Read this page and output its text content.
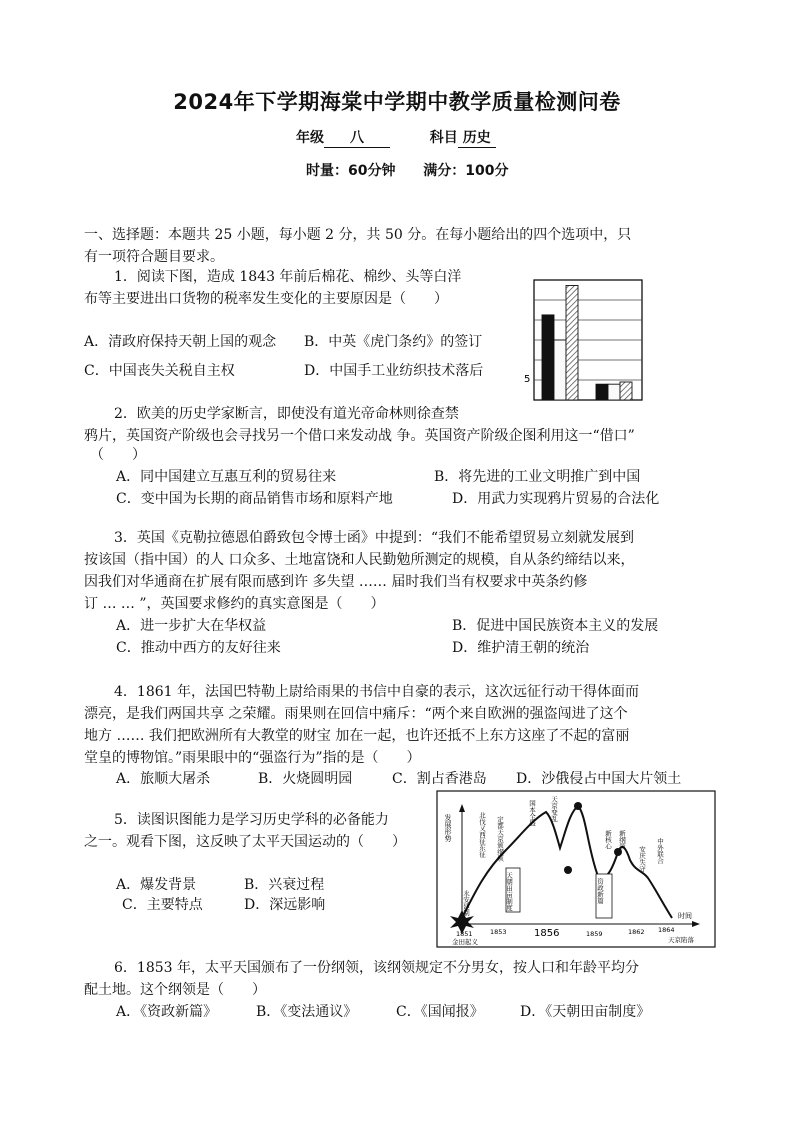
2024年下学期海棠中学期中教学质量检测问卷
年级 八	科目 历史
时量：60分钟 满分：100分
一、选择题：本题共 25 小题，每小题 2 分，共 50 分。在每小题给出的四个选项中，只
有一项符合题目要求。
1．阅读下图，造成 1843 年前后棉花、棉纱、头等白洋
布等主要进出口货物的税率发生变化的主要原因是（　　）
A．清政府保持天朝上国的观念 B．中英《虎门条约》的签订
C．中国丧失关税自主权	D．中国手工业纺织技术落后
5
2．欧美的历史学家断言，即使没有道光帝命林则徐查禁
鸦片，英国资产阶级也会寻找另一个借口来发动战 争。英国资产阶级企图利用这一“借口”
（　　）
A．同中国建立互惠互利的贸易往来	B．将先进的工业文明推广到中国
C．变中国为长期的商品销售市场和原料产地	D．用武力实现鸦片贸易的合法化
3．英国《克勒拉德恩伯爵致包令博士函》中提到：“我们不能希望贸易立刻就发展到
按该国（指中国）的人 口众多、土地富饶和人民勤勉所测定的规模，自从条约缔结以来，
因我们对华通商在扩展有限而感到许 多失望 …… 届时我们当有权要求中英条约修
订 … … ”，英国要求修约的真实意图是（　　）
A．进一步扩大在华权益	B．促进中国民族资本主义的发展
C．推动中西方的友好往来	D．维护清王朝的统治
4．1861 年，法国巴特勒上尉给雨果的书信中自豪的表示，这次远征行动干得体面而
漂亮，是我们两国共享 之荣耀。雨果则在回信中痛斥：“两个来自欧洲的强盗闯进了这个
地方 …… 我们把欧洲所有大教堂的财宝 加在一起，也许还抵不上东方这座了不起的富丽
堂皇的博物馆。”雨果眼中的“强盗行为”指的是（　　）
A．旅顺大屠杀	B．火烧圆明园	C．割占香港岛 D．沙俄侵占中国大片领土
5．读图识图能力是学习历史学科的必备能力
之一。观看下图，这反映了太平天国运动的（　　）
A．爆发背景	B．兴衰过程
C．主要特点	D．深远影响
发展形势
时间
天朝田亩制度	资政新篇
永安建制
北伐又西征东征 定都天京颁纲领
国本全盛 天京变乱
新核心 新纲领
安庆失守 中外联合
1851	1853	1856	1859	1862 1864
金田起义	天京陷落
6．1853 年，太平天国颁布了一份纲领，该纲领规定不分男女，按人口和年龄平均分
配土地。这个纲领是（　　）
A．《资政新篇》	B．《变法通议》	C．《国闻报》	D．《天朝田亩制度》
